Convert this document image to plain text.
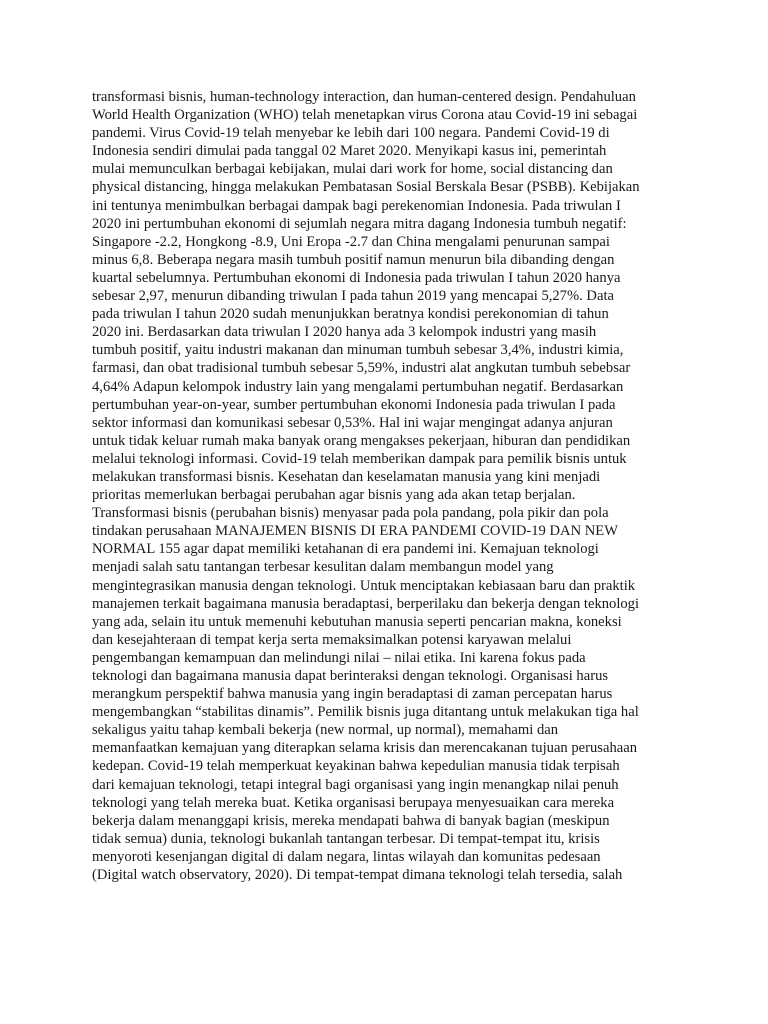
transformasi bisnis, human-technology interaction, dan human-centered design. Pendahuluan
World Health Organization (WHO) telah menetapkan virus Corona atau Covid-19 ini sebagai
pandemi. Virus Covid-19 telah menyebar ke lebih dari 100 negara. Pandemi Covid-19 di
Indonesia sendiri dimulai pada tanggal 02 Maret 2020. Menyikapi kasus ini, pemerintah
mulai memunculkan berbagai kebijakan, mulai dari work for home, social distancing dan
physical distancing, hingga melakukan Pembatasan Sosial Berskala Besar (PSBB). Kebijakan
ini tentunya menimbulkan berbagai dampak bagi perekenomian Indonesia. Pada triwulan I
2020 ini pertumbuhan ekonomi di sejumlah negara mitra dagang Indonesia tumbuh negatif:
Singapore -2.2, Hongkong -8.9, Uni Eropa -2.7 dan China mengalami penurunan sampai
minus 6,8. Beberapa negara masih tumbuh positif namun menurun bila dibanding dengan
kuartal sebelumnya. Pertumbuhan ekonomi di Indonesia pada triwulan I tahun 2020 hanya
sebesar 2,97, menurun dibanding triwulan I pada tahun 2019 yang mencapai 5,27%. Data
pada triwulan I tahun 2020 sudah menunjukkan beratnya kondisi perekonomian di tahun
2020 ini. Berdasarkan data triwulan I 2020 hanya ada 3 kelompok industri yang masih
tumbuh positif, yaitu industri makanan dan minuman tumbuh sebesar 3,4%, industri kimia,
farmasi, dan obat tradisional tumbuh sebesar 5,59%, industri alat angkutan tumbuh sebebsar
4,64% Adapun kelompok industry lain yang mengalami pertumbuhan negatif. Berdasarkan
pertumbuhan year-on-year, sumber pertumbuhan ekonomi Indonesia pada triwulan I pada
sektor informasi dan komunikasi sebesar 0,53%. Hal ini wajar mengingat adanya anjuran
untuk tidak keluar rumah maka banyak orang mengakses pekerjaan, hiburan dan pendidikan
melalui teknologi informasi. Covid-19 telah memberikan dampak para pemilik bisnis untuk
melakukan transformasi bisnis. Kesehatan dan keselamatan manusia yang kini menjadi
prioritas memerlukan berbagai perubahan agar bisnis yang ada akan tetap berjalan.
Transformasi bisnis (perubahan bisnis) menyasar pada pola pandang, pola pikir dan pola
tindakan perusahaan MANAJEMEN BISNIS DI ERA PANDEMI COVID-19 DAN NEW
NORMAL 155 agar dapat memiliki ketahanan di era pandemi ini. Kemajuan teknologi
menjadi salah satu tantangan terbesar kesulitan dalam membangun model yang
mengintegrasikan manusia dengan teknologi. Untuk menciptakan kebiasaan baru dan praktik
manajemen terkait bagaimana manusia beradaptasi, berperilaku dan bekerja dengan teknologi
yang ada, selain itu untuk memenuhi kebutuhan manusia seperti pencarian makna, koneksi
dan kesejahteraan di tempat kerja serta memaksimalkan potensi karyawan melalui
pengembangan kemampuan dan melindungi nilai – nilai etika. Ini karena fokus pada
teknologi dan bagaimana manusia dapat berinteraksi dengan teknologi. Organisasi harus
merangkum perspektif bahwa manusia yang ingin beradaptasi di zaman percepatan harus
mengembangkan “stabilitas dinamis”. Pemilik bisnis juga ditantang untuk melakukan tiga hal
sekaligus yaitu tahap kembali bekerja (new normal, up normal), memahami dan
memanfaatkan kemajuan yang diterapkan selama krisis dan merencakanan tujuan perusahaan
kedepan. Covid-19 telah memperkuat keyakinan bahwa kepedulian manusia tidak terpisah
dari kemajuan teknologi, tetapi integral bagi organisasi yang ingin menangkap nilai penuh
teknologi yang telah mereka buat. Ketika organisasi berupaya menyesuaikan cara mereka
bekerja dalam menanggapi krisis, mereka mendapati bahwa di banyak bagian (meskipun
tidak semua) dunia, teknologi bukanlah tantangan terbesar. Di tempat-tempat itu, krisis
menyoroti kesenjangan digital di dalam negara, lintas wilayah dan komunitas pedesaan
(Digital watch observatory, 2020). Di tempat-tempat dimana teknologi telah tersedia, salah
